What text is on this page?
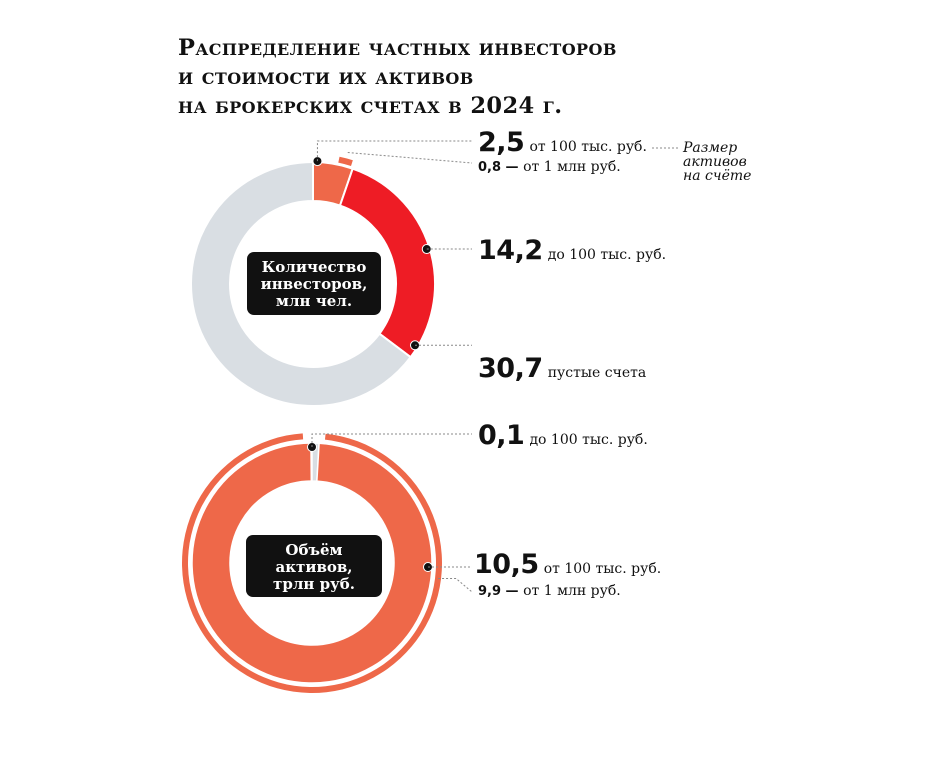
Распределение частных инвесторов
и стоимости их активов
на брокерских счетах в 2024 г.
2,5 от 100 тыс. руб.
0,8 — от 1 млн руб.
Размер
активов
на счёте
14,2 до 100 тыс. руб.
30,7 пустые счета
Количество
инвесторов,
млн чел.
0,1 до 100 тыс. руб.
10,5 от 100 тыс. руб.
9,9 — от 1 млн руб.
Объём
активов,
трлн руб.
